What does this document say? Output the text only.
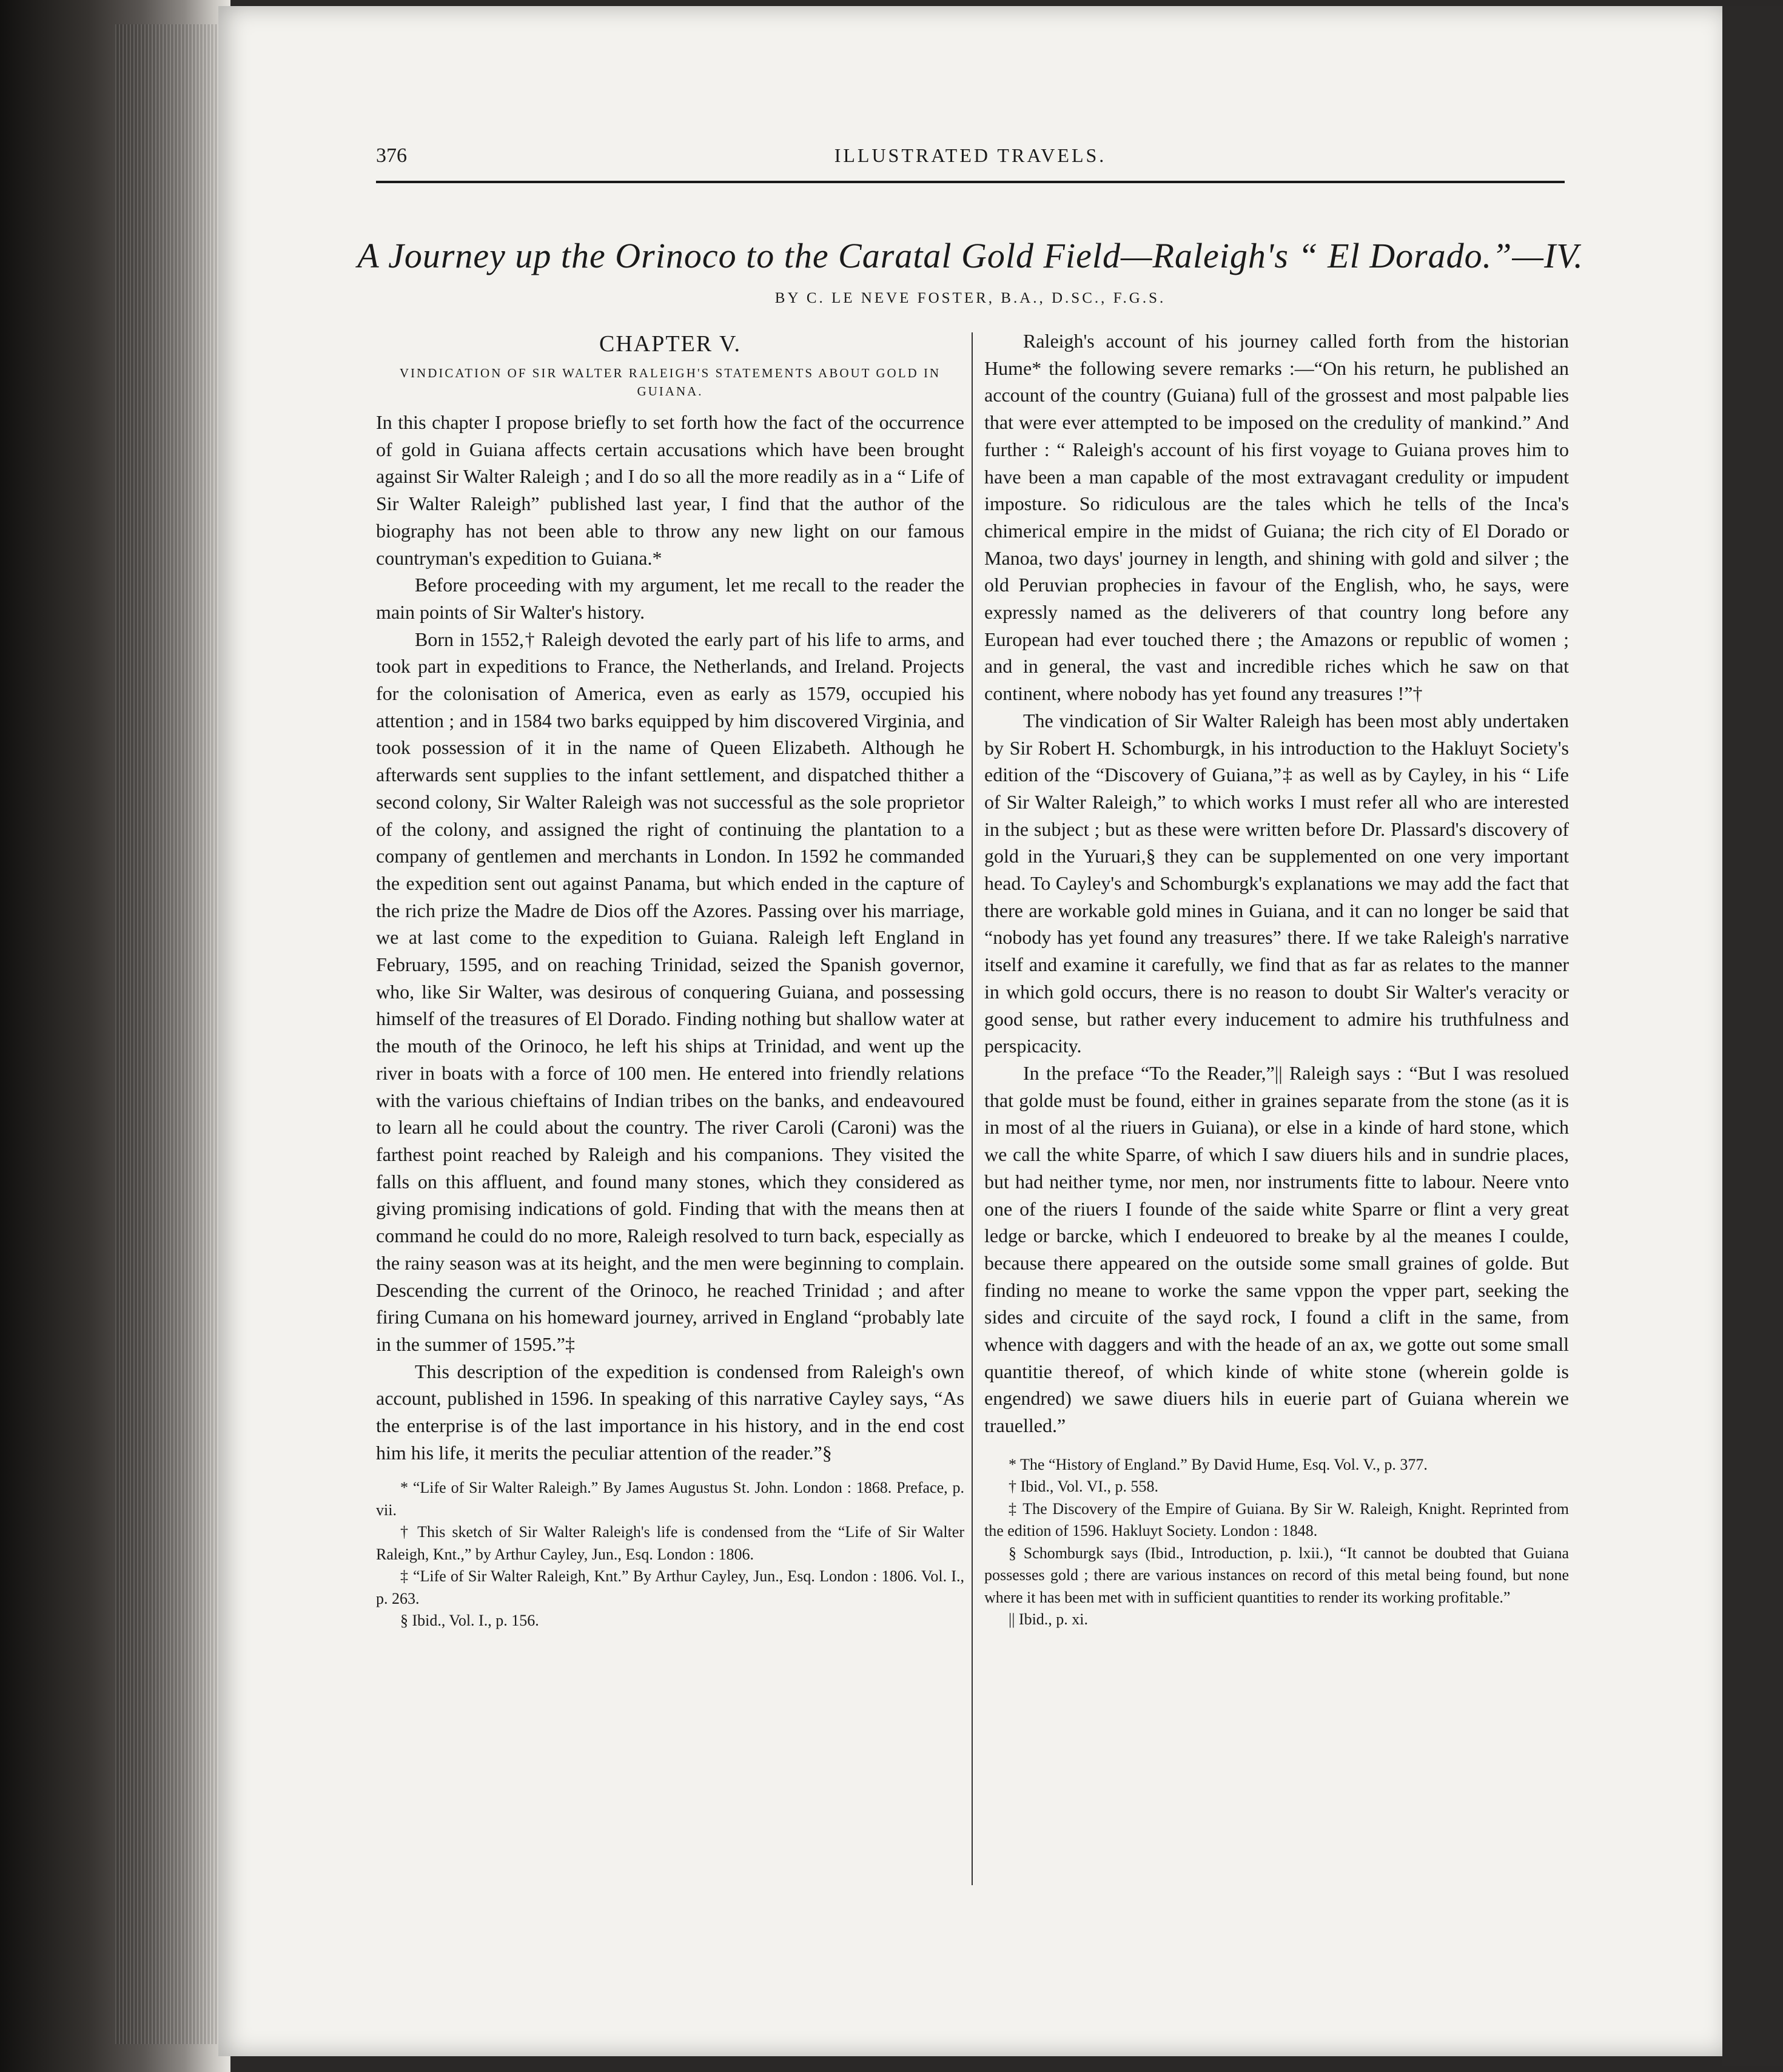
376	ILLUSTRATED TRAVELS.
A Journey up the Orinoco to the Caratal Gold Field—Raleigh's “ El Dorado.”—IV.
BY C. LE NEVE FOSTER, B.A., D.SC., F.G.S.
CHAPTER V.
VINDICATION OF SIR WALTER RALEIGH'S STATEMENTS ABOUT GOLD IN GUIANA.

In this chapter I propose briefly to set forth how the fact of the occurrence of gold in Guiana affects certain accusations which have been brought against Sir Walter Raleigh ; and I do so all the more readily as in a “ Life of Sir Walter Raleigh” published last year, I find that the author of the biography has not been able to throw any new light on our famous countryman's expedition to Guiana.*

Before proceeding with my argument, let me recall to the reader the main points of Sir Walter's history.

Born in 1552,† Raleigh devoted the early part of his life to arms, and took part in expeditions to France, the Netherlands, and Ireland. Projects for the colonisation of America, even as early as 1579, occupied his attention ; and in 1584 two barks equipped by him discovered Virginia, and took possession of it in the name of Queen Elizabeth. Although he afterwards sent supplies to the infant settlement, and dispatched thither a second colony, Sir Walter Raleigh was not successful as the sole proprietor of the colony, and assigned the right of continuing the plantation to a company of gentlemen and merchants in London. In 1592 he commanded the expedition sent out against Panama, but which ended in the capture of the rich prize the Madre de Dios off the Azores. Passing over his marriage, we at last come to the expedition to Guiana. Raleigh left England in February, 1595, and on reaching Trinidad, seized the Spanish governor, who, like Sir Walter, was desirous of conquering Guiana, and possessing himself of the treasures of El Dorado. Finding nothing but shallow water at the mouth of the Orinoco, he left his ships at Trinidad, and went up the river in boats with a force of 100 men. He entered into friendly relations with the various chieftains of Indian tribes on the banks, and endeavoured to learn all he could about the country. The river Caroli (Caroni) was the farthest point reached by Raleigh and his companions. They visited the falls on this affluent, and found many stones, which they considered as giving promising indications of gold. Finding that with the means then at command he could do no more, Raleigh resolved to turn back, especially as the rainy season was at its height, and the men were beginning to complain. Descending the current of the Orinoco, he reached Trinidad ; and after firing Cumana on his homeward journey, arrived in England “probably late in the summer of 1595.”‡

This description of the expedition is condensed from Raleigh's own account, published in 1596. In speaking of this narrative Cayley says, “As the enterprise is of the last importance in his history, and in the end cost him his life, it merits the peculiar attention of the reader.”§

* “Life of Sir Walter Raleigh.” By James Augustus St. John. London : 1868. Preface, p. vii.

† This sketch of Sir Walter Raleigh's life is condensed from the “Life of Sir Walter Raleigh, Knt.,” by Arthur Cayley, Jun., Esq. London : 1806.

‡ “Life of Sir Walter Raleigh, Knt.” By Arthur Cayley, Jun., Esq. London : 1806. Vol. I., p. 263.

§ Ibid., Vol. I., p. 156.

Raleigh's account of his journey called forth from the historian Hume* the following severe remarks :—“On his return, he published an account of the country (Guiana) full of the grossest and most palpable lies that were ever attempted to be imposed on the credulity of mankind.” And further : “ Raleigh's account of his first voyage to Guiana proves him to have been a man capable of the most extravagant credulity or impudent imposture. So ridiculous are the tales which he tells of the Inca's chimerical empire in the midst of Guiana; the rich city of El Dorado or Manoa, two days' journey in length, and shining with gold and silver ; the old Peruvian prophecies in favour of the English, who, he says, were expressly named as the deliverers of that country long before any European had ever touched there ; the Amazons or republic of women ; and in general, the vast and incredible riches which he saw on that continent, where nobody has yet found any treasures !”†

The vindication of Sir Walter Raleigh has been most ably undertaken by Sir Robert H. Schomburgk, in his introduction to the Hakluyt Society's edition of the “Discovery of Guiana,”‡ as well as by Cayley, in his “ Life of Sir Walter Raleigh,” to which works I must refer all who are interested in the subject ; but as these were written before Dr. Plassard's discovery of gold in the Yuruari,§ they can be supplemented on one very important head. To Cayley's and Schomburgk's explanations we may add the fact that there are workable gold mines in Guiana, and it can no longer be said that “nobody has yet found any treasures” there. If we take Raleigh's narrative itself and examine it carefully, we find that as far as relates to the manner in which gold occurs, there is no reason to doubt Sir Walter's veracity or good sense, but rather every inducement to admire his truthfulness and perspicacity.

In the preface “To the Reader,”|| Raleigh says : “But I was resolued that golde must be found, either in graines separate from the stone (as it is in most of al the riuers in Guiana), or else in a kinde of hard stone, which we call the white Sparre, of which I saw diuers hils and in sundrie places, but had neither tyme, nor men, nor instruments fitte to labour. Neere vnto one of the riuers I founde of the saide white Sparre or flint a very great ledge or barcke, which I endeuored to breake by al the meanes I coulde, because there appeared on the outside some small graines of golde. But finding no meane to worke the same vppon the vpper part, seeking the sides and circuite of the sayd rock, I found a clift in the same, from whence with daggers and with the heade of an ax, we gotte out some small quantitie thereof, of which kinde of white stone (wherein golde is engendred) we sawe diuers hils in euerie part of Guiana wherein we trauelled.”

* The “History of England.” By David Hume, Esq. Vol. V., p. 377.

† Ibid., Vol. VI., p. 558.

‡ The Discovery of the Empire of Guiana. By Sir W. Raleigh, Knight. Reprinted from the edition of 1596. Hakluyt Society. London : 1848.

§ Schomburgk says (Ibid., Introduction, p. lxii.), “It cannot be doubted that Guiana possesses gold ; there are various instances on record of this metal being found, but none where it has been met with in sufficient quantities to render its working profitable.”

|| Ibid., p. xi.
